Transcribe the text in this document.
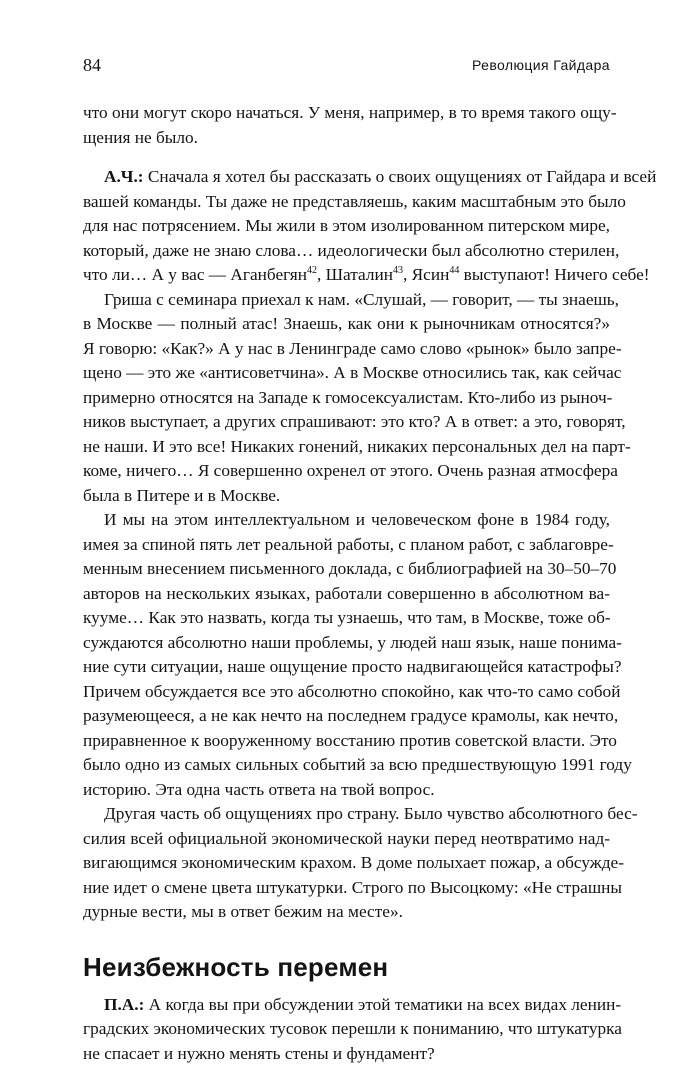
84	Революция Гайдара
что они могут скоро начаться. У меня, например, в то время такого ощу-
щения не было.
А.Ч.: Сначала я хотел бы рассказать о своих ощущениях от Гайдара и всей
вашей команды. Ты даже не представляешь, каким масштабным это было
для нас потрясением. Мы жили в этом изолированном питерском мире,
который, даже не знаю слова… идеологически был абсолютно стерилен,
что ли… А у вас — Аганбегян$^{42}$, Шаталин$^{43}$, Ясин$^{44}$ выступают! Ничего себе!
Гриша с семинара приехал к нам. «Слушай, — говорит, — ты знаешь,
в Москве — полный атас! Знаешь, как они к рыночникам относятся?»
Я говорю: «Как?» А у нас в Ленинграде само слово «рынок» было запре-
щено — это же «антисоветчина». А в Москве относились так, как сейчас
примерно относятся на Западе к гомосексуалистам. Кто-либо из рыноч-
ников выступает, а других спрашивают: это кто? А в ответ: а это, говорят,
не наши. И это все! Никаких гонений, никаких персональных дел на парт-
коме, ничего… Я совершенно охренел от этого. Очень разная атмосфера
была в Питере и в Москве.
И мы на этом интеллектуальном и человеческом фоне в 1984 году,
имея за спиной пять лет реальной работы, с планом работ, с заблаговре-
менным внесением письменного доклада, с библиографией на 30–50–70
авторов на нескольких языках, работали совершенно в абсолютном ва-
кууме… Как это назвать, когда ты узнаешь, что там, в Москве, тоже об-
суждаются абсолютно наши проблемы, у людей наш язык, наше понима-
ние сути ситуации, наше ощущение просто надвигающейся катастрофы?
Причем обсуждается все это абсолютно спокойно, как что-то само собой
разумеющееся, а не как нечто на последнем градусе крамолы, как нечто,
приравненное к вооруженному восстанию против советской власти. Это
было одно из самых сильных событий за всю предшествующую 1991 году
историю. Эта одна часть ответа на твой вопрос.
Другая часть об ощущениях про страну. Было чувство абсолютного бес-
силия всей официальной экономической науки перед неотвратимо над-
вигающимся экономическим крахом. В доме полыхает пожар, а обсужде-
ние идет о смене цвета штукатурки. Строго по Высоцкому: «Не страшны
дурные вести, мы в ответ бежим на месте».
Неизбежность перемен
П.А.: А когда вы при обсуждении этой тематики на всех видах ленин-
градских экономических тусовок перешли к пониманию, что штукатурка
не спасает и нужно менять стены и фундамент?
